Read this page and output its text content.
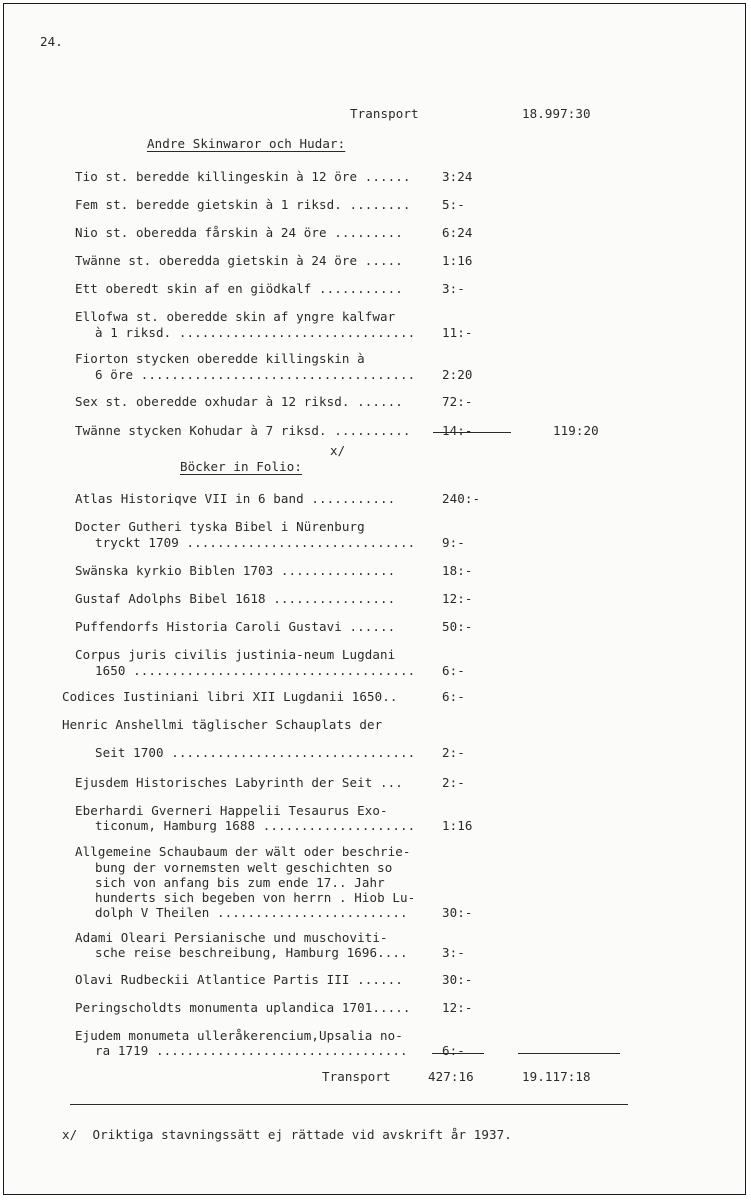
24.
Transport	18.997:30
Andre Skinwaror och Hudar:
Tio st. beredde killingeskin à 12 öre ......	3:24
Fem st. beredde gietskin à 1 riksd. ........	5:-
Nio st. oberedda fårskin à 24 öre .........	6:24
Twänne st. oberedda gietskin à 24 öre .....	1:16
Ett oberedt skin af en giödkalf ...........	3:-
Ellofwa st. oberedde skin af yngre kalfwar
à 1 riksd. ............................... 11:-
Fiorton stycken oberedde killingskin à
6 öre .................................... 2:20
Sex st. oberedde oxhudar à 12 riksd. ......	72:-
Twänne stycken Kohudar à 7 riksd. ..........	14:-	119:20
x/
Böcker in Folio:
Atlas Historiqve VII in 6 band ...........	240:-
Docter Gutheri tyska Bibel i Nürenburg
tryckt 1709 .............................. 9:-
Swänska kyrkio Biblen 1703 ...............	18:-
Gustaf Adolphs Bibel 1618 ................	12:-
Puffendorfs Historia Caroli Gustavi ......	50:-
Corpus juris civilis justinia-neum Lugdani
1650 ..................................... 6:-
Codices Iustiniani libri XII Lugdanii 1650..	6:-
Henric Anshellmi täglischer Schauplats der
Seit 1700 ................................ 2:-
Ejusdem Historisches Labyrinth der Seit ...	2:-
Eberhardi Gverneri Happelii Tesaurus Exo-
ticonum, Hamburg 1688 .................... 1:16
Allgemeine Schaubaum der wält oder beschrie-
bung der vornemsten welt geschichten so
sich von anfang bis zum ende 17.. Jahr
hunderts sich begeben von herrn . Hiob Lu-
dolph V Theilen .........................	30:-
Adami Oleari Persianische und muschoviti-
sche reise beschreibung, Hamburg 1696....	3:-
Olavi Rudbeckii Atlantice Partis III ......	30:-
Peringscholdts monumenta uplandica 1701.....	12:-
Ejudem monumeta ulleråkerencium,Upsalia no-
ra 1719 .................................	6:-
Transport	427:16	19.117:18
x/  Oriktiga stavningssätt ej rättade vid avskrift år 1937.
